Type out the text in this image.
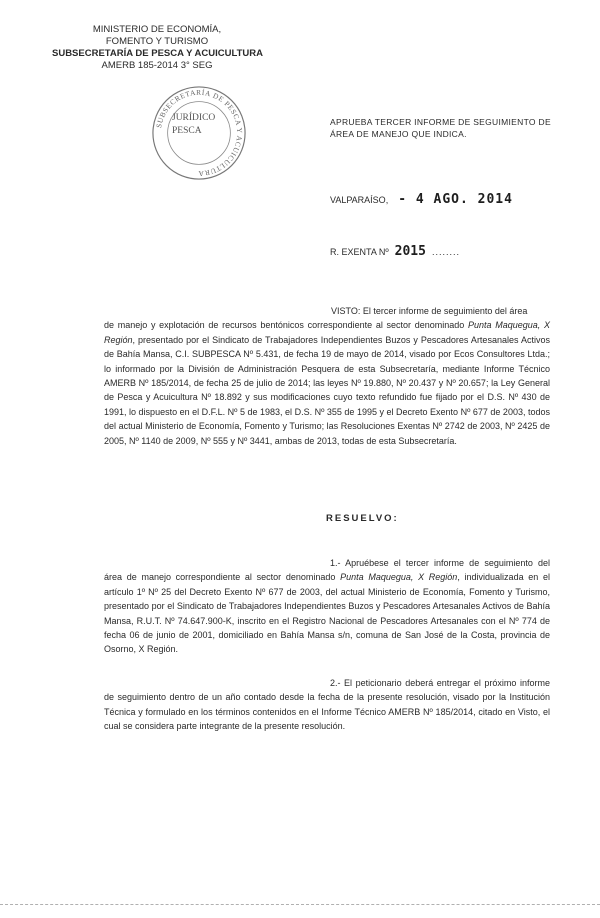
MINISTERIO DE ECONOMÍA,
FOMENTO Y TURISMO
SUBSECRETARÍA DE PESCA Y ACUICULTURA
AMERB 185-2014 3° SEG
SUBSECRETARÍA DE PESCA Y ACUICULTURA
JURÍDICO
PESCA
APRUEBA TERCER INFORME DE SEGUIMIENTO DE
ÁREA DE MANEJO QUE INDICA.
VALPARAÍSO, - 4 AGO. 2014
R. EXENTA Nº 2015 ........
VISTO: El tercer informe de seguimiento del área
de manejo y explotación de recursos bentónicos correspondiente al sector denominado Punta Maquegua, X Región, presentado por el Sindicato de Trabajadores Independientes Buzos y Pescadores Artesanales Activos de Bahía Mansa, C.I. SUBPESCA Nº 5.431, de fecha 19 de mayo de 2014, visado por Ecos Consultores Ltda.; lo informado por la División de Administración Pesquera de esta Subsecretaría, mediante Informe Técnico AMERB Nº 185/2014, de fecha 25 de julio de 2014; las leyes Nº 19.880, Nº 20.437 y Nº 20.657; la Ley General de Pesca y Acuicultura Nº 18.892 y sus modificaciones cuyo texto refundido fue fijado por el D.S. Nº 430 de 1991, lo dispuesto en el D.F.L. Nº 5 de 1983, el D.S. Nº 355 de 1995 y el Decreto Exento Nº 677 de 2003, todos del actual Ministerio de Economía, Fomento y Turismo; las Resoluciones Exentas Nº 2742 de 2003, Nº 2425 de 2005, Nº 1140 de 2009, Nº 555 y Nº 3441, ambas de 2013, todas de esta Subsecretaría.
RESUELVO:
1.- Apruébese el tercer informe de seguimiento del área de manejo correspondiente al sector denominado Punta Maquegua, X Región, individualizada en el artículo 1º Nº 25 del Decreto Exento Nº 677 de 2003, del actual Ministerio de Economía, Fomento y Turismo, presentado por el Sindicato de Trabajadores Independientes Buzos y Pescadores Artesanales Activos de Bahía Mansa, R.U.T. Nº 74.647.900-K, inscrito en el Registro Nacional de Pescadores Artesanales con el Nº 774 de fecha 06 de junio de 2001, domiciliado en Bahía Mansa s/n, comuna de San José de la Costa, provincia de Osorno, X Región.
2.- El peticionario deberá entregar el próximo informe de seguimiento dentro de un año contado desde la fecha de la presente resolución, visado por la Institución Técnica y formulado en los términos contenidos en el Informe Técnico AMERB Nº 185/2014, citado en Visto, el cual se considera parte integrante de la presente resolución.
